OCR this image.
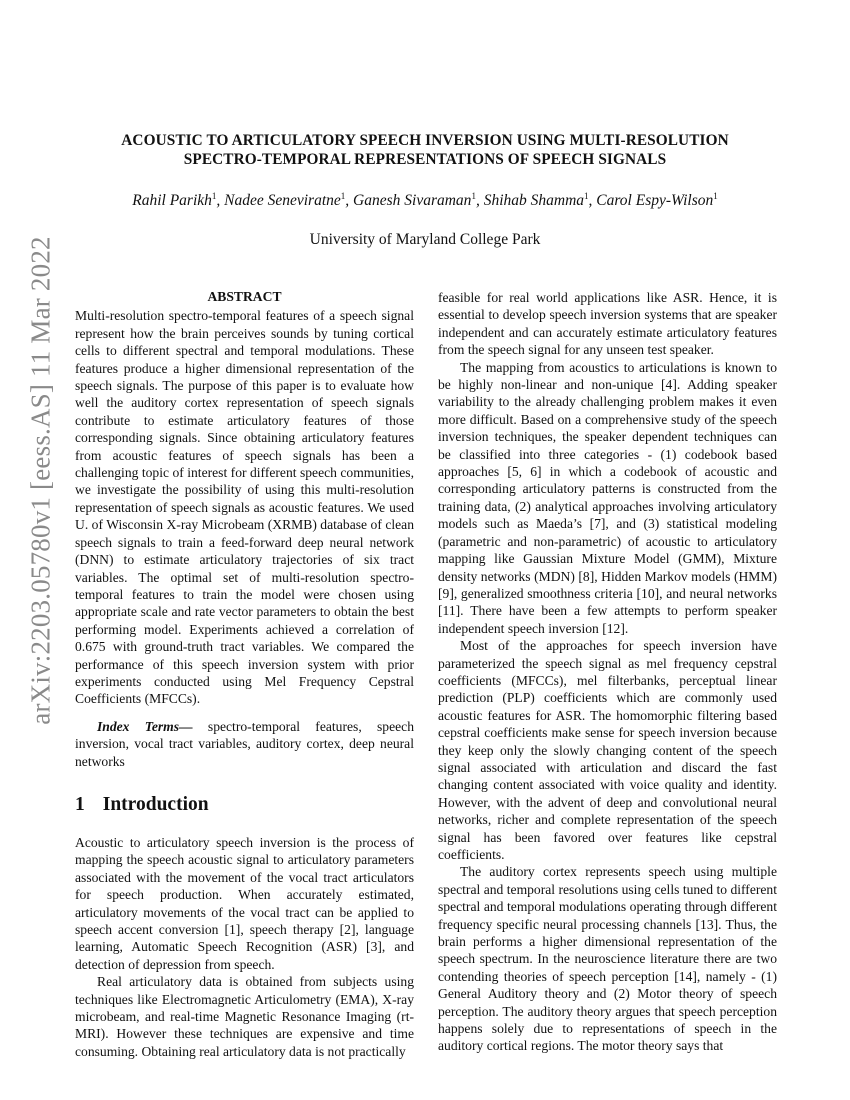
arXiv:2203.05780v1 [eess.AS] 11 Mar 2022
ACOUSTIC TO ARTICULATORY SPEECH INVERSION USING MULTI-RESOLUTION
SPECTRO-TEMPORAL REPRESENTATIONS OF SPEECH SIGNALS
Rahil Parikh$^1$, Nadee Seneviratne$^1$, Ganesh Sivaraman$^1$, Shihab Shamma$^1$, Carol Espy-Wilson$^1$
University of Maryland College Park
ABSTRACT

Multi-resolution spectro-temporal features of a speech signal represent how the brain perceives sounds by tuning cortical cells to different spectral and temporal modulations. These features produce a higher dimensional representation of the speech signals. The purpose of this paper is to evaluate how well the auditory cortex representation of speech signals contribute to estimate articulatory features of those corresponding signals. Since obtaining articulatory features from acoustic features of speech signals has been a challenging topic of interest for different speech communities, we investigate the possibility of using this multi-resolution representation of speech signals as acoustic features. We used U. of Wisconsin X-ray Microbeam (XRMB) database of clean speech signals to train a feed-forward deep neural network (DNN) to estimate articulatory trajectories of six tract variables. The optimal set of multi-resolution spectro-temporal features to train the model were chosen using appropriate scale and rate vector parameters to obtain the best performing model. Experiments achieved a correlation of 0.675 with ground-truth tract variables. We compared the performance of this speech inversion system with prior experiments conducted using Mel Frequency Cepstral Coefficients (MFCCs).

Index Terms— spectro-temporal features, speech inversion, vocal tract variables, auditory cortex, deep neural networks

1 Introduction

Acoustic to articulatory speech inversion is the process of mapping the speech acoustic signal to articulatory parameters associated with the movement of the vocal tract articulators for speech production. When accurately estimated, articulatory movements of the vocal tract can be applied to speech accent conversion [1], speech therapy [2], language learning, Automatic Speech Recognition (ASR) [3], and detection of depression from speech.

Real articulatory data is obtained from subjects using techniques like Electromagnetic Articulometry (EMA), X-ray microbeam, and real-time Magnetic Resonance Imaging (rt-MRI). However these techniques are expensive and time consuming. Obtaining real articulatory data is not practically

feasible for real world applications like ASR. Hence, it is essential to develop speech inversion systems that are speaker independent and can accurately estimate articulatory features from the speech signal for any unseen test speaker.

The mapping from acoustics to articulations is known to be highly non-linear and non-unique [4]. Adding speaker variability to the already challenging problem makes it even more difficult. Based on a comprehensive study of the speech inversion techniques, the speaker dependent techniques can be classified into three categories - (1) codebook based approaches [5, 6] in which a codebook of acoustic and corresponding articulatory patterns is constructed from the training data, (2) analytical approaches involving articulatory models such as Maeda’s [7], and (3) statistical modeling (parametric and non-parametric) of acoustic to articulatory mapping like Gaussian Mixture Model (GMM), Mixture density networks (MDN) [8], Hidden Markov models (HMM) [9], generalized smoothness criteria [10], and neural networks [11]. There have been a few attempts to perform speaker independent speech inversion [12].

Most of the approaches for speech inversion have parameterized the speech signal as mel frequency cepstral coefficients (MFCCs), mel filterbanks, perceptual linear prediction (PLP) coefficients which are commonly used acoustic features for ASR. The homomorphic filtering based cepstral coefficients make sense for speech inversion because they keep only the slowly changing content of the speech signal associated with articulation and discard the fast changing content associated with voice quality and identity. However, with the advent of deep and convolutional neural networks, richer and complete representation of the speech signal has been favored over features like cepstral coefficients.

The auditory cortex represents speech using multiple spectral and temporal resolutions using cells tuned to different spectral and temporal modulations operating through different frequency specific neural processing channels [13]. Thus, the brain performs a higher dimensional representation of the speech spectrum. In the neuroscience literature there are two contending theories of speech perception [14], namely - (1) General Auditory theory and (2) Motor theory of speech perception. The auditory theory argues that speech perception happens solely due to representations of speech in the auditory cortical regions. The motor theory says that
